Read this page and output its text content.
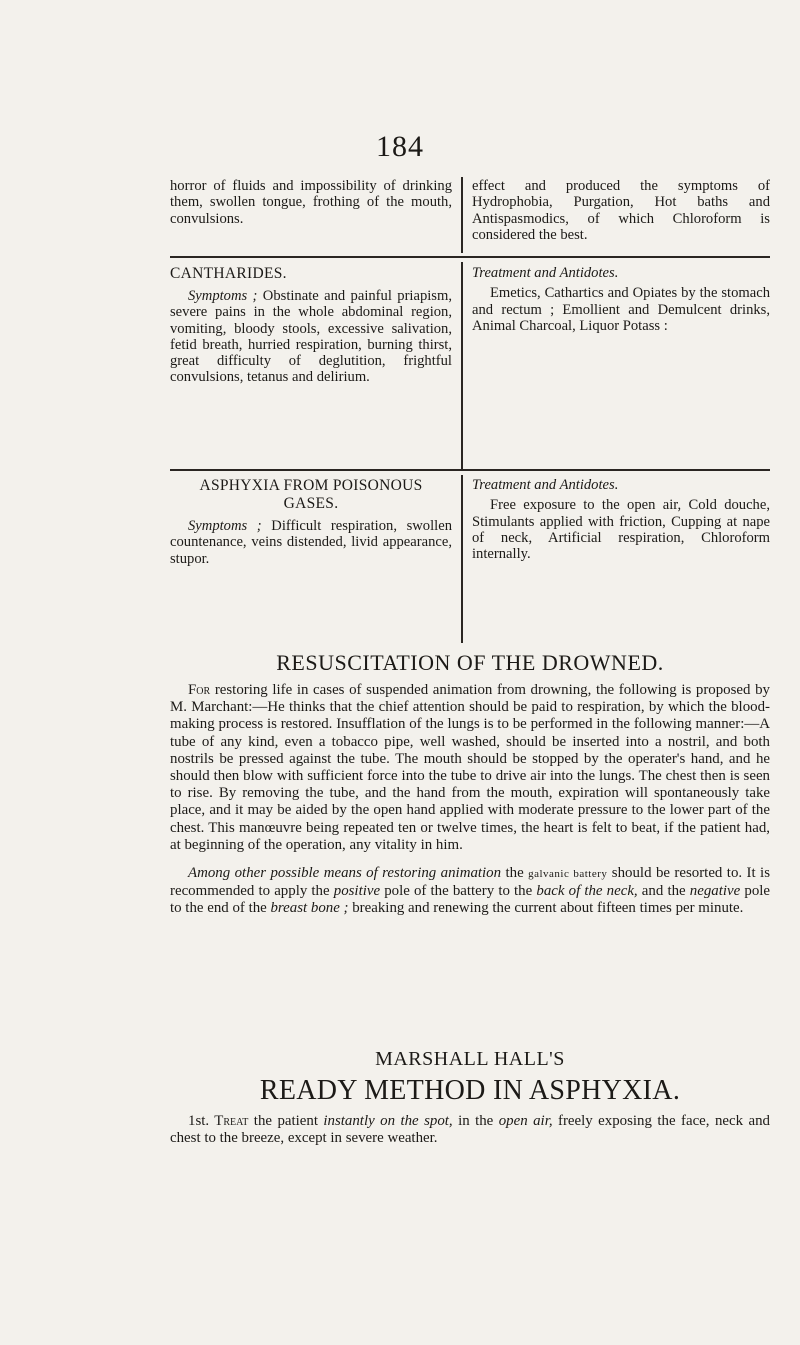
184

horror of fluids and impossibility of drinking them, swollen tongue, frothing of the mouth, convulsions.

effect and produced the symptoms of Hydrophobia, Purgation, Hot baths and Antispasmodics, of which Chloroform is considered the best.

CANTHARIDES.

Symptoms ; Obstinate and painful priapism, severe pains in the whole abdominal region, vomiting, bloody stools, excessive salivation, fetid breath, hurried respiration, burning thirst, great difficulty of deglutition, frightful convulsions, tetanus and delirium.

Treatment and Antidotes.

Emetics, Cathartics and Opiates by the stomach and rectum ; Emollient and Demulcent drinks, Animal Charcoal, Liquor Potass :

ASPHYXIA FROM POISONOUS GASES.

Symptoms ; Difficult respiration, swollen countenance, veins distended, livid appearance, stupor.

Treatment and Antidotes.

Free exposure to the open air, Cold douche, Stimulants applied with friction, Cupping at nape of neck, Artificial respiration, Chloroform internally.

RESUSCITATION OF THE DROWNED.

For restoring life in cases of suspended animation from drowning, the following is proposed by M. Marchant:—He thinks that the chief attention should be paid to respiration, by which the blood-making process is restored. Insufflation of the lungs is to be performed in the following manner:—A tube of any kind, even a tobacco pipe, well washed, should be inserted into a nostril, and both nostrils be pressed against the tube. The mouth should be stopped by the operater's hand, and he should then blow with sufficient force into the tube to drive air into the lungs. The chest then is seen to rise. By removing the tube, and the hand from the mouth, expiration will spontaneously take place, and it may be aided by the open hand applied with moderate pressure to the lower part of the chest. This manœuvre being repeated ten or twelve times, the heart is felt to beat, if the patient had, at beginning of the operation, any vitality in him.

Among other possible means of restoring animation the galvanic battery should be resorted to. It is recommended to apply the positive pole of the battery to the back of the neck, and the negative pole to the end of the breast bone ; breaking and renewing the current about fifteen times per minute.

MARSHALL HALL'S
READY METHOD IN ASPHYXIA.

1st. Treat the patient instantly on the spot, in the open air, freely exposing the face, neck and chest to the breeze, except in severe weather.
